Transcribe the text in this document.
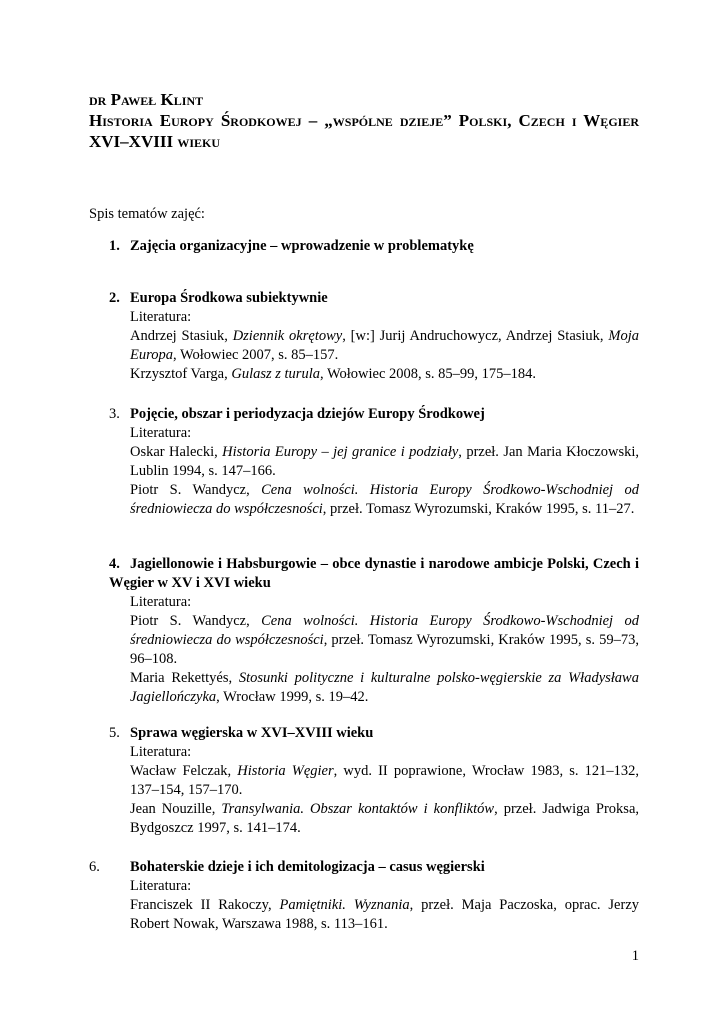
dr Paweł Klint
Historia Europy Środkowej – „wspólne dzieje” Polski, Czech i Węgier XVI–XVIII wieku
Spis tematów zajęć:
1. Zajęcia organizacyjne – wprowadzenie w problematykę
2. Europa Środkowa subiektywnie
Literatura:
Andrzej Stasiuk, Dziennik okrętowy, [w:] Jurij Andruchowycz, Andrzej Stasiuk, Moja Europa, Wołowiec 2007, s. 85–157.
Krzysztof Varga, Gulasz z turula, Wołowiec 2008, s. 85–99, 175–184.
3. Pojęcie, obszar i periodyzacja dziejów Europy Środkowej
Literatura:
Oskar Halecki, Historia Europy – jej granice i podziały, przeł. Jan Maria Kłoczowski, Lublin 1994, s. 147–166.
Piotr S. Wandycz, Cena wolności. Historia Europy Środkowo-Wschodniej od średniowiecza do współczesności, przeł. Tomasz Wyrozumski, Kraków 1995, s. 11–27.
4. Jagiellonowie i Habsburgowie – obce dynastie i narodowe ambicje Polski, Czech i Węgier w XV i XVI wieku
Literatura:
Piotr S. Wandycz, Cena wolności. Historia Europy Środkowo-Wschodniej od średniowiecza do współczesności, przeł. Tomasz Wyrozumski, Kraków 1995, s. 59–73, 96–108.
Maria Rekettyés, Stosunki polityczne i kulturalne polsko-węgierskie za Władysława Jagiellończyka, Wrocław 1999, s. 19–42.
5. Sprawa węgierska w XVI–XVIII wieku
Literatura:
Wacław Felczak, Historia Węgier, wyd. II poprawione, Wrocław 1983, s. 121–132, 137–154, 157–170.
Jean Nouzille, Transylwania. Obszar kontaktów i konfliktów, przeł. Jadwiga Proksa, Bydgoszcz 1997, s. 141–174.
6. Bohaterskie dzieje i ich demitologizacja – casus węgierski
Literatura:
Franciszek II Rakoczy, Pamiętniki. Wyznania, przeł. Maja Paczoska, oprac. Jerzy Robert Nowak, Warszawa 1988, s. 113–161.
1
